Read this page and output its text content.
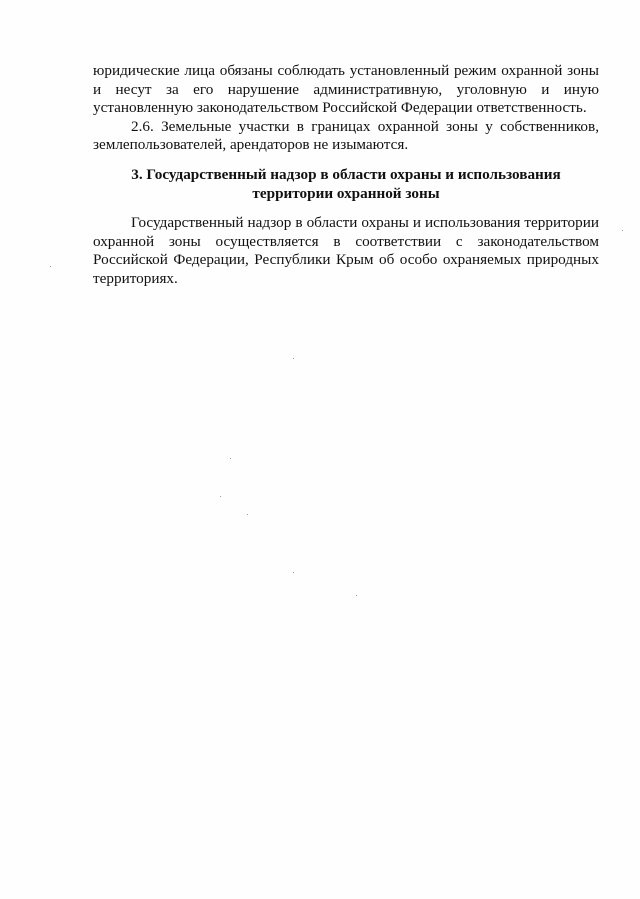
юридические лица обязаны соблюдать установленный режим охранной зоны и несут за его нарушение административную, уголовную и иную установленную законодательством Российской Федерации ответственность.

2.6. Земельные участки в границах охранной зоны у собственников, землепользователей, арендаторов не изымаются.

3. Государственный надзор в области охраны и использования

территории охранной зоны

Государственный надзор в области охраны и использования территории охранной зоны осуществляется в соответствии с законодательством Российской Федерации, Республики Крым об особо охраняемых природных территориях.
